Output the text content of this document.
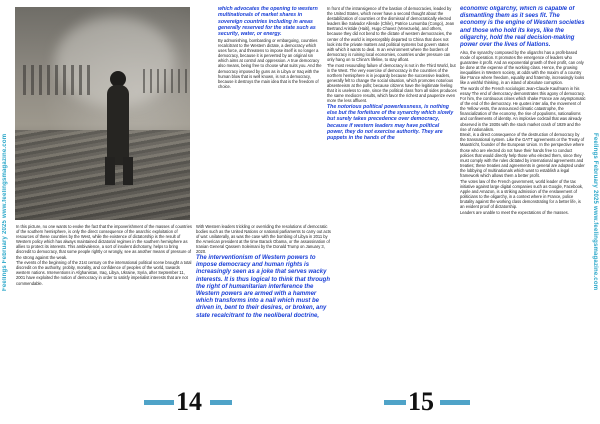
Feelings February 2025 www.feelingsmagazine.com	Feelings February 2025 www.feelingsmagazine.com

In this picture, no one wants to evoke the fact that the impoverishment of the masses of countries of the southern hemisphere, is only the direct consequence of the anarchic exploitation of resources of these countries by the West, while the existence of dictatorship is the result of Western policy which has always maintained dictatorial regimes in the southern hemisphere as allies to protect its interests. This ambivalence, a sort of insolent dichotomy, helps to bring discredit to democracy, that some people rightly or wrongly, see as another means of pressure of the strong against the weak.

The events of the beginning of the 21st century on the international political scene brought a total discredit on the authority, probity, morality, and confidence of peoples of the world, towards western nations. Interventions in Afghanistan, Iraq, Libya, Ukraine, Syria, after September 11, 2001 have exploited the notion of democracy in order to satisfy imperialist interests that are not commendable.

With Western leaders trickling or overriding the resolutions of democratic bodies such as the United Nations or national parliaments to carry out acts of war: unilaterally, as was the case with the bombing of Libya in 2011 by the American president at the time Barack Obama, or the assassination of Iranian General Qassem Soleimani by the Donald Trump on January 3, 2020.

The interventionism of Western powers to impose democracy and human rights is increasingly seen as a joke that serves wacky interests. It is thus logical to think that through the right of humanitarian interference the Western powers are armed with a hammer which transforms into a nail which must be driven in, bent to their desires, or broken, any state recalcitrant to the neoliberal doctrine,

which advocates the opening to western multinationals of market shares in sovereign countries including in areas generally reserved for the state such as security, water, or energy.

By admonishing, bombarding or embargoing, countries recalcitrant to the Western dictate, a democracy which uses force, and threatens to impose itself is no longer a democracy, because it is perverted by an original sin which aims at control and oppression. A true democracy also means, being free to choose what suits you. And the democracy imposed by guns as in Libya or Iraq with the human blow that is well known, is not a democracy, because it destroys the main idea that is the freedom of choice.

In front of the intransigence of the bastion of democracies, leaded by the United States, which never have a second thought about the destabilization of countries or the dismissal of democratically elected leaders like Salvador Allende (Chile), Patrice Lumumba (Congo), Jean Bertrand Aristide (Haiti), Hugo Chavez (Venezuela), and others, because they did not bend to the dictate of western democracies, the center of the world is imperceptibly departed to China that does not look into the private matters and political systems but govern states with which it wants to deal. In an environment where the borders of democracy is ruining local economies, countries under pressure can only hang on to China's lifeline, to stay afloat.

The most resounding failure of democracy is not in the Third World, but in the West. The very exercise of democracy in the countries of the northern hemisphere is in jeopardy because the successive leaders, generally felt to change the social situation, which promotes notorious absenteeism at the polls; because citizens have the legitimate feeling that it is useless to vote, since the political class from all sides produces the same mediocre results, which favor the richest and pauperize even more the less affluent.

The notorious political powerlessness, is nothing else but the forfeiture of the synarchy which slowly but surely takes precedence over democracy, because if western leaders may have political power, they do not exercise authority. They are puppets in the hands of the

economic oligarchy, which is capable of dismantling them as it sees fit. The economy is the engine of Western societies and those who hold its keys, like the oligarchy, hold the real decision-making power over the lives of Nations.

Also, the synarchy composed by the oligarchs has a profit-based mode of operation. It promotes the emergence of leaders who guarantee it profit. And an exponential growth of their profit, can only be done at the expense of the working class. Hence, the growing inequalities in Western society, at odds with the maxim of a country like France where freedom, equality and fraternity, increasingly looks like a wishful thinking, in an island of absolute corruption.

The words of the French sociologist Jean-Claude Kaufmann in his essay The end of democracy demonstrates this agony of democracy. For him, the continuous crises which shake France are asymptomatic of the end of the democracy. He quotes inter alia, the movement of the Yellow vests, the announced climatic catastrophe, the financialization of the economy, the rise of populisms, nationalisms and confinements of identity. An implosive cocktail that was already observed in the 1930s with the stock market crash of 1929 and the rise of nationalism.

Brexit, is a direct consequence of the destruction of democracy by the transnational system. Like the GATT agreements or the Treaty of Maastricht, founder of the European Union. In the perspective where those who are elected do not have their hands free to conduct policies that would directly help those who elected them, since they must comply with the rules dictated by international agreements and treaties; these treaties and agreements in general are adopted under the lobbying of multinationals which want to establish a legal framework which allows them a better profit.

The votes law of the French government, world leader of the tax initiative against large digital companies such as Google, Facebook, Apple and Amazon, is a striking admission of the enslavement of politicians to the oligarchy, in a context where in France, police brutality against the working class demonstrating for a better life, is an evident proof of dictatorship.

Leaders are unable to meet the expectations of the masses.

14	15
